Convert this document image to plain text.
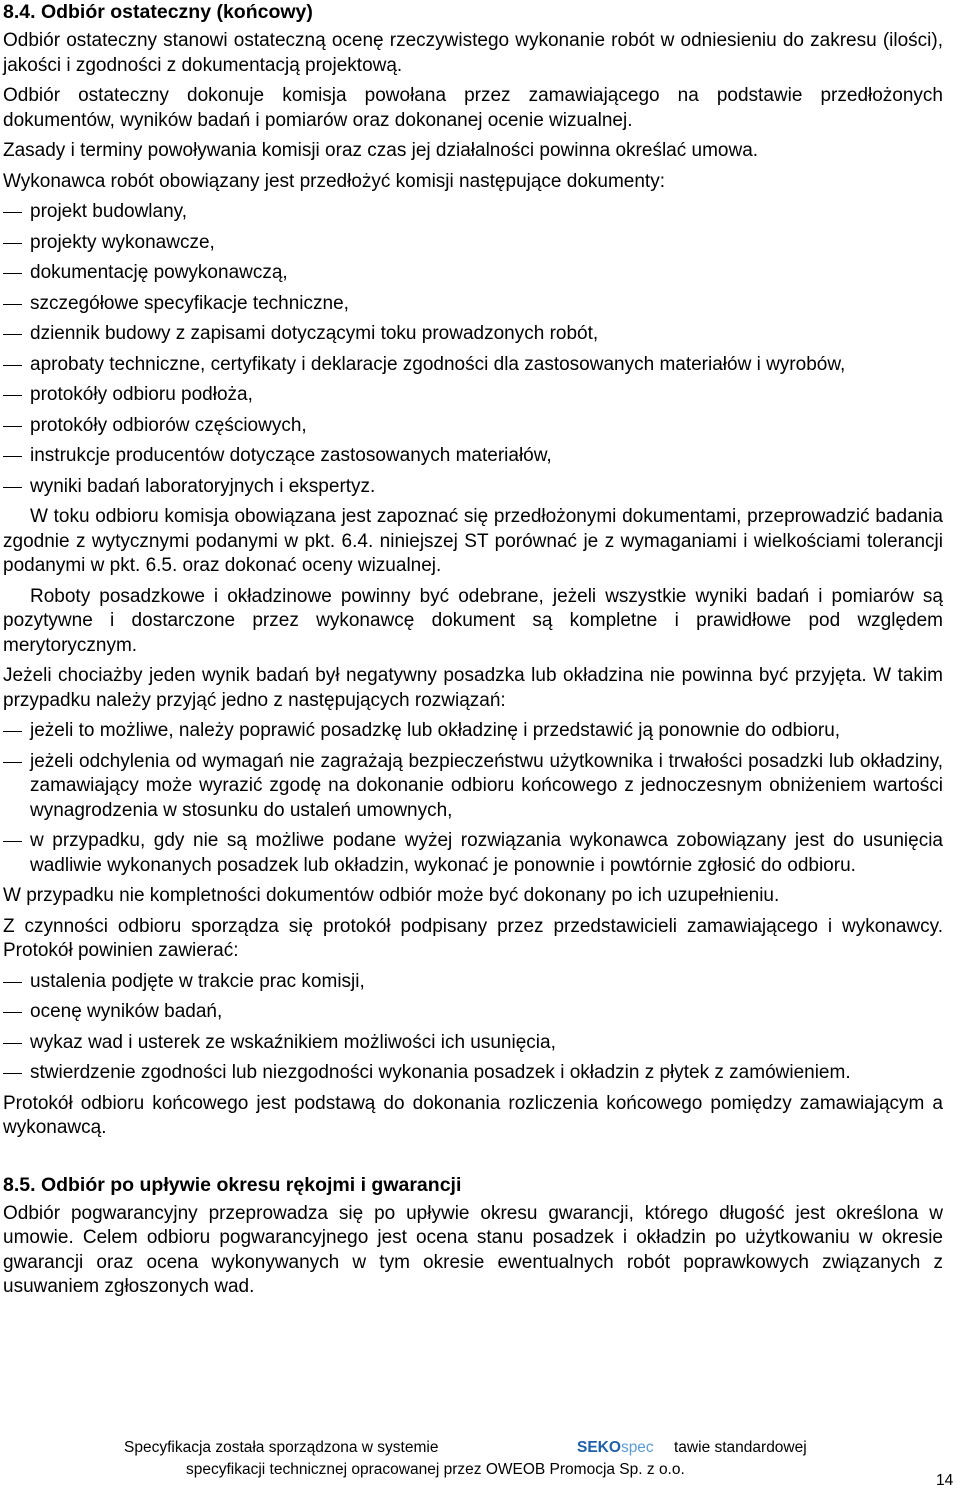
8.4. Odbiór ostateczny (końcowy)
Odbiór ostateczny stanowi ostateczną ocenę rzeczywistego wykonanie robót w odniesieniu do zakresu (ilości), jakości i zgodności z dokumentacją projektową.
Odbiór ostateczny dokonuje komisja powołana przez zamawiającego na podstawie przedłożonych dokumentów, wyników badań i pomiarów oraz dokonanej ocenie wizualnej.
Zasady i terminy powoływania komisji oraz czas jej działalności powinna określać umowa.
Wykonawca robót obowiązany jest przedłożyć komisji następujące dokumenty:
projekt budowlany,
projekty wykonawcze,
dokumentację powykonawczą,
szczegółowe specyfikacje techniczne,
dziennik budowy z zapisami dotyczącymi toku prowadzonych robót,
aprobaty techniczne, certyfikaty i deklaracje zgodności dla zastosowanych materiałów i wyrobów,
protokóły odbioru podłoża,
protokóły odbiorów częściowych,
instrukcje producentów dotyczące zastosowanych materiałów,
wyniki badań laboratoryjnych i ekspertyz.
W toku odbioru komisja obowiązana jest zapoznać się przedłożonymi dokumentami, przeprowadzić badania zgodnie z wytycznymi podanymi w pkt. 6.4. niniejszej ST porównać je z wymaganiami i wielkościami tolerancji podanymi w pkt. 6.5. oraz dokonać oceny wizualnej.
Roboty posadzkowe i okładzinowe powinny być odebrane, jeżeli wszystkie wyniki badań i pomiarów są pozytywne i dostarczone przez wykonawcę dokument są kompletne i prawidłowe pod względem merytorycznym.
Jeżeli chociażby jeden wynik badań był negatywny posadzka lub okładzina nie powinna być przyjęta. W takim przypadku należy przyjąć jedno z następujących rozwiązań:
jeżeli to możliwe, należy poprawić posadzkę lub okładzinę i przedstawić ją ponownie do odbioru,
jeżeli odchylenia od wymagań nie zagrażają bezpieczeństwu użytkownika i trwałości posadzki lub okładziny, zamawiający może wyrazić zgodę na dokonanie odbioru końcowego z jednoczesnym obniżeniem wartości wynagrodzenia w stosunku do ustaleń umownych,
w przypadku, gdy nie są możliwe podane wyżej rozwiązania wykonawca zobowiązany jest do usunięcia wadliwie wykonanych posadzek lub okładzin, wykonać je ponownie i powtórnie zgłosić do odbioru.
W przypadku nie kompletności dokumentów odbiór może być dokonany po ich uzupełnieniu.
Z czynności odbioru sporządza się protokół podpisany przez przedstawicieli zamawiającego i wykonawcy. Protokół powinien zawierać:
ustalenia podjęte w trakcie prac komisji,
ocenę wyników badań,
wykaz wad i usterek ze wskaźnikiem możliwości ich usunięcia,
stwierdzenie zgodności lub niezgodności wykonania posadzek i okładzin z płytek z zamówieniem.
Protokół odbioru końcowego jest podstawą do dokonania rozliczenia końcowego pomiędzy zamawiającym a wykonawcą.
8.5. Odbiór po upływie okresu rękojmi i gwarancji
Odbiór pogwarancyjny przeprowadza się po upływie okresu gwarancji, którego długość jest określona w umowie. Celem odbioru pogwarancyjnego jest ocena stanu posadzek i okładzin po użytkowaniu w okresie gwarancji oraz ocena wykonywanych w tym okresie ewentualnych robót poprawkowych związanych z usuwaniem zgłoszonych wad.
Specyfikacja została sporządzona w systemie	SEKOspec tawie standardowej
specyfikacji technicznej opracowanej przez OWEOB Promocja Sp. z o.o.
14
